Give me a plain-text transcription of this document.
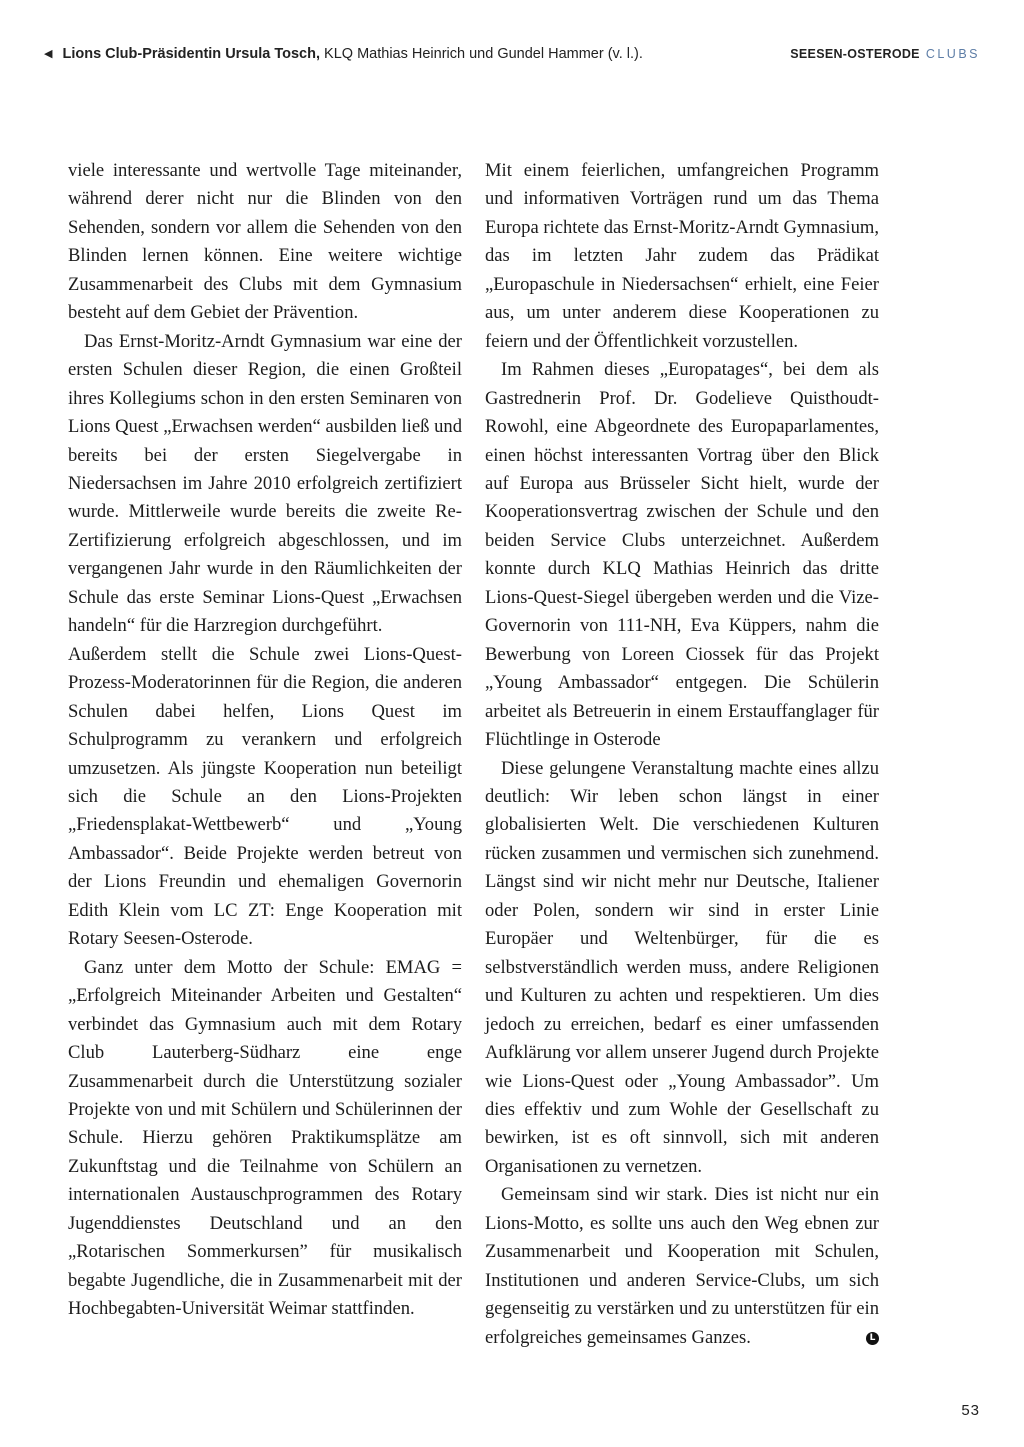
◀ Lions Club-Präsidentin Ursula Tosch, KLQ Mathias Heinrich und Gundel Hammer (v. l.).	SEESEN-OSTERODE CLUBS

viele interessante und wertvolle Tage miteinander, während derer nicht nur die Blinden von den Sehenden, sondern vor allem die Sehenden von den Blinden lernen können. Eine weitere wichtige Zusammenarbeit des Clubs mit dem Gymnasium besteht auf dem Gebiet der Prävention.

Das Ernst-Moritz-Arndt Gymnasium war eine der ersten Schulen dieser Region, die einen Großteil ihres Kollegiums schon in den ersten Seminaren von Lions Quest „Erwachsen werden“ ausbilden ließ und bereits bei der ersten Siegelvergabe in Niedersachsen im Jahre 2010 erfolgreich zertifiziert wurde. Mittlerweile wurde bereits die zweite Re-Zertifizierung erfolgreich abgeschlossen, und im vergangenen Jahr wurde in den Räumlichkeiten der Schule das erste Seminar Lions-Quest „Erwachsen handeln“ für die Harzregion durchgeführt.

Außerdem stellt die Schule zwei Lions-Quest-Prozess-Moderatorinnen für die Region, die anderen Schulen dabei helfen, Lions Quest im Schulprogramm zu verankern und erfolgreich umzusetzen. Als jüngste Kooperation nun beteiligt sich die Schule an den Lions-Projekten „Friedensplakat-Wettbewerb“ und „Young Ambassador“. Beide Projekte werden betreut von der Lions Freundin und ehemaligen Governorin Edith Klein vom LC ZT: Enge Kooperation mit Rotary Seesen-Osterode.

Ganz unter dem Motto der Schule: EMAG = „Erfolgreich Miteinander Arbeiten und Gestalten“ verbindet das Gymnasium auch mit dem Rotary Club Lauterberg-Südharz eine enge Zusammenarbeit durch die Unterstützung sozialer Projekte von und mit Schülern und Schülerinnen der Schule. Hierzu gehören Praktikumsplätze am Zukunftstag und die Teilnahme von Schülern an internationalen Austauschprogrammen des Rotary Jugenddienstes Deutschland und an den „Rotarischen Sommerkursen” für musikalisch begabte Jugendliche, die in Zusammenarbeit mit der Hochbegabten-Universität Weimar stattfinden.

Mit einem feierlichen, umfangreichen Programm und informativen Vorträgen rund um das Thema Europa richtete das Ernst-Moritz-Arndt Gymnasium, das im letzten Jahr zudem das Prädikat „Europaschule in Niedersachsen“ erhielt, eine Feier aus, um unter anderem diese Kooperationen zu feiern und der Öffentlichkeit vorzustellen.

Im Rahmen dieses „Europatages“, bei dem als Gastrednerin Prof. Dr. Godelieve Quisthoudt-Rowohl, eine Abgeordnete des Europaparlamentes, einen höchst interessanten Vortrag über den Blick auf Europa aus Brüsseler Sicht hielt, wurde der Kooperationsvertrag zwischen der Schule und den beiden Service Clubs unterzeichnet. Außerdem konnte durch KLQ Mathias Heinrich das dritte Lions-Quest-Siegel übergeben werden und die Vize-Governorin von 111-NH, Eva Küppers, nahm die Bewerbung von Loreen Ciossek für das Projekt „Young Ambassador“ entgegen. Die Schülerin arbeitet als Betreuerin in einem Erstauffanglager für Flüchtlinge in Osterode

Diese gelungene Veranstaltung machte eines allzu deutlich: Wir leben schon längst in einer globalisierten Welt. Die verschiedenen Kulturen rücken zusammen und vermischen sich zunehmend. Längst sind wir nicht mehr nur Deutsche, Italiener oder Polen, sondern wir sind in erster Linie Europäer und Weltenbürger, für die es selbstverständlich werden muss, andere Religionen und Kulturen zu achten und respektieren. Um dies jedoch zu erreichen, bedarf es einer umfassenden Aufklärung vor allem unserer Jugend durch Projekte wie Lions-Quest oder „Young Ambassador”. Um dies effektiv und zum Wohle der Gesellschaft zu bewirken, ist es oft sinnvoll, sich mit anderen Organisationen zu vernetzen.

Gemeinsam sind wir stark. Dies ist nicht nur ein Lions-Motto, es sollte uns auch den Weg ebnen zur Zusammenarbeit und Kooperation mit Schulen, Institutionen und anderen Service-Clubs, um sich gegenseitig zu verstärken und zu unterstützen für ein erfolgreiches gemeinsames Ganzes.	L

53
